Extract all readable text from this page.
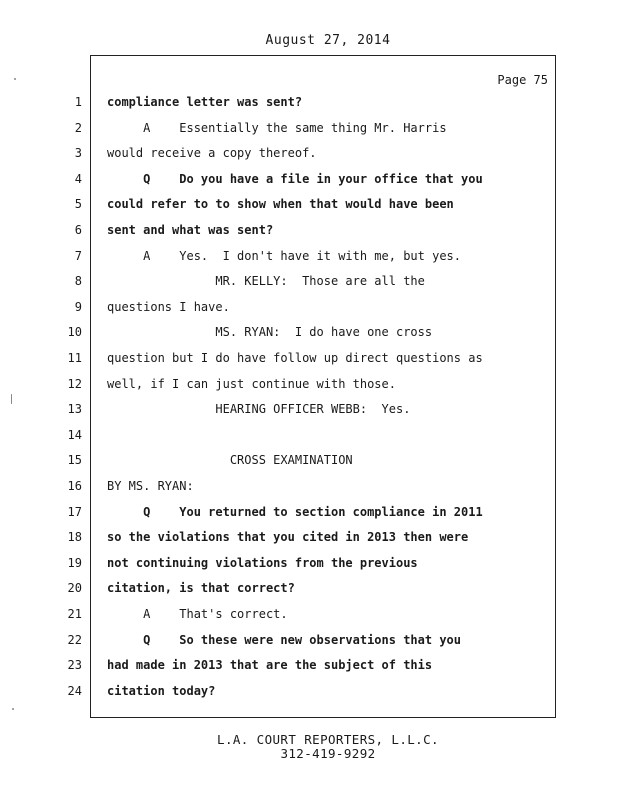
August 27, 2014
Page 75
1 compliance letter was sent?
2 A    Essentially the same thing Mr. Harris
3 would receive a copy thereof.
4 Q    Do you have a file in your office that you
5 could refer to to show when that would have been
6 sent and what was sent?
7 A    Yes.  I don't have it with me, but yes.
8 MR. KELLY:  Those are all the
9 questions I have.
10 MS. RYAN:  I do have one cross
11 question but I do have follow up direct questions as
12 well, if I can just continue with those.
13 HEARING OFFICER WEBB:  Yes.
14
15 CROSS EXAMINATION
16 BY MS. RYAN:
17 Q    You returned to section compliance in 2011
18 so the violations that you cited in 2013 then were
19 not continuing violations from the previous
20 citation, is that correct?
21 A    That's correct.
22 Q    So these were new observations that you
23 had made in 2013 that are the subject of this
24 citation today?
L.A. COURT REPORTERS, L.L.C.
312-419-9292
